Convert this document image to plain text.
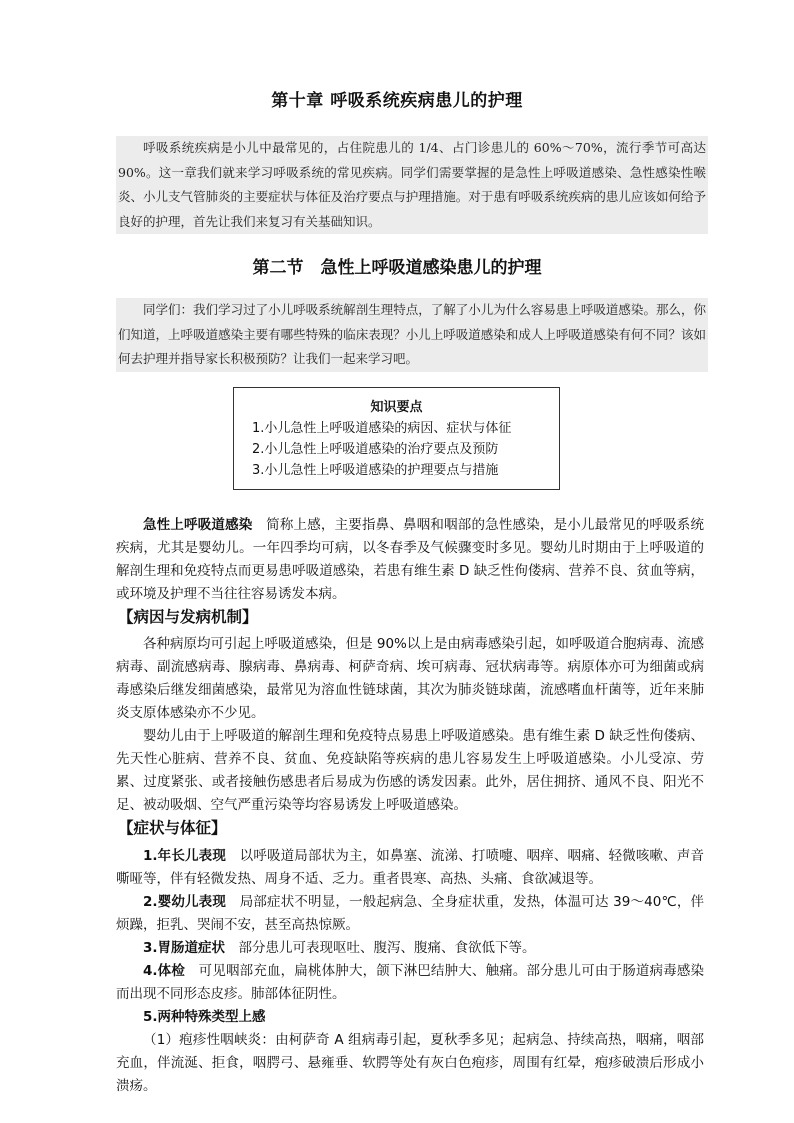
第十章 呼吸系统疾病患儿的护理
呼吸系统疾病是小儿中最常见的，占住院患儿的 1/4、占门诊患儿的 60%～70%，流行季节可高达 90%。这一章我们就来学习呼吸系统的常见疾病。同学们需要掌握的是急性上呼吸道感染、急性感染性喉炎、小儿支气管肺炎的主要症状与体征及治疗要点与护理措施。对于患有呼吸系统疾病的患儿应该如何给予良好的护理，首先让我们来复习有关基础知识。
第二节　急性上呼吸道感染患儿的护理
同学们：我们学习过了小儿呼吸系统解剖生理特点，了解了小儿为什么容易患上呼吸道感染。那么，你们知道，上呼吸道感染主要有哪些特殊的临床表现？小儿上呼吸道感染和成人上呼吸道感染有何不同？该如何去护理并指导家长积极预防？让我们一起来学习吧。
知识要点
1.小儿急性上呼吸道感染的病因、症状与体征
2.小儿急性上呼吸道感染的治疗要点及预防
3.小儿急性上呼吸道感染的护理要点与措施

急性上呼吸道感染　简称上感，主要指鼻、鼻咽和咽部的急性感染，是小儿最常见的呼吸系统疾病，尤其是婴幼儿。一年四季均可病，以冬春季及气候骤变时多见。婴幼儿时期由于上呼吸道的解剖生理和免疫特点而更易患呼吸道感染，若患有维生素 D 缺乏性佝偻病、营养不良、贫血等病，或环境及护理不当往往容易诱发本病。

【病因与发病机制】

各种病原均可引起上呼吸道感染，但是 90%以上是由病毒感染引起，如呼吸道合胞病毒、流感病毒、副流感病毒、腺病毒、鼻病毒、柯萨奇病、埃可病毒、冠状病毒等。病原体亦可为细菌或病毒感染后继发细菌感染，最常见为溶血性链球菌，其次为肺炎链球菌，流感嗜血杆菌等，近年来肺炎支原体感染亦不少见。

婴幼儿由于上呼吸道的解剖生理和免疫特点易患上呼吸道感染。患有维生素 D 缺乏性佝偻病、先天性心脏病、营养不良、贫血、免疫缺陷等疾病的患儿容易发生上呼吸道感染。小儿受凉、劳累、过度紧张、或者接触伤感患者后易成为伤感的诱发因素。此外，居住拥挤、通风不良、阳光不足、被动吸烟、空气严重污染等均容易诱发上呼吸道感染。

【症状与体征】

1.年长儿表现　以呼吸道局部状为主，如鼻塞、流涕、打喷嚏、咽痒、咽痛、轻微咳嗽、声音嘶哑等，伴有轻微发热、周身不适、乏力。重者畏寒、高热、头痛、食欲减退等。

2.婴幼儿表现　局部症状不明显，一般起病急、全身症状重，发热，体温可达 39～40℃，伴烦躁，拒乳、哭闹不安，甚至高热惊厥。

3.胃肠道症状　部分患儿可表现呕吐、腹泻、腹痛、食欲低下等。

4.体检　可见咽部充血，扁桃体肿大，颌下淋巴结肿大、触痛。部分患儿可由于肠道病毒感染而出现不同形态皮疹。肺部体征阴性。

5.两种特殊类型上感

（1）疱疹性咽峡炎：由柯萨奇 A 组病毒引起，夏秋季多见；起病急、持续高热，咽痛，咽部充血，伴流涎、拒食，咽腭弓、悬雍垂、软腭等处有灰白色疱疹，周围有红晕，疱疹破溃后形成小溃疡。
